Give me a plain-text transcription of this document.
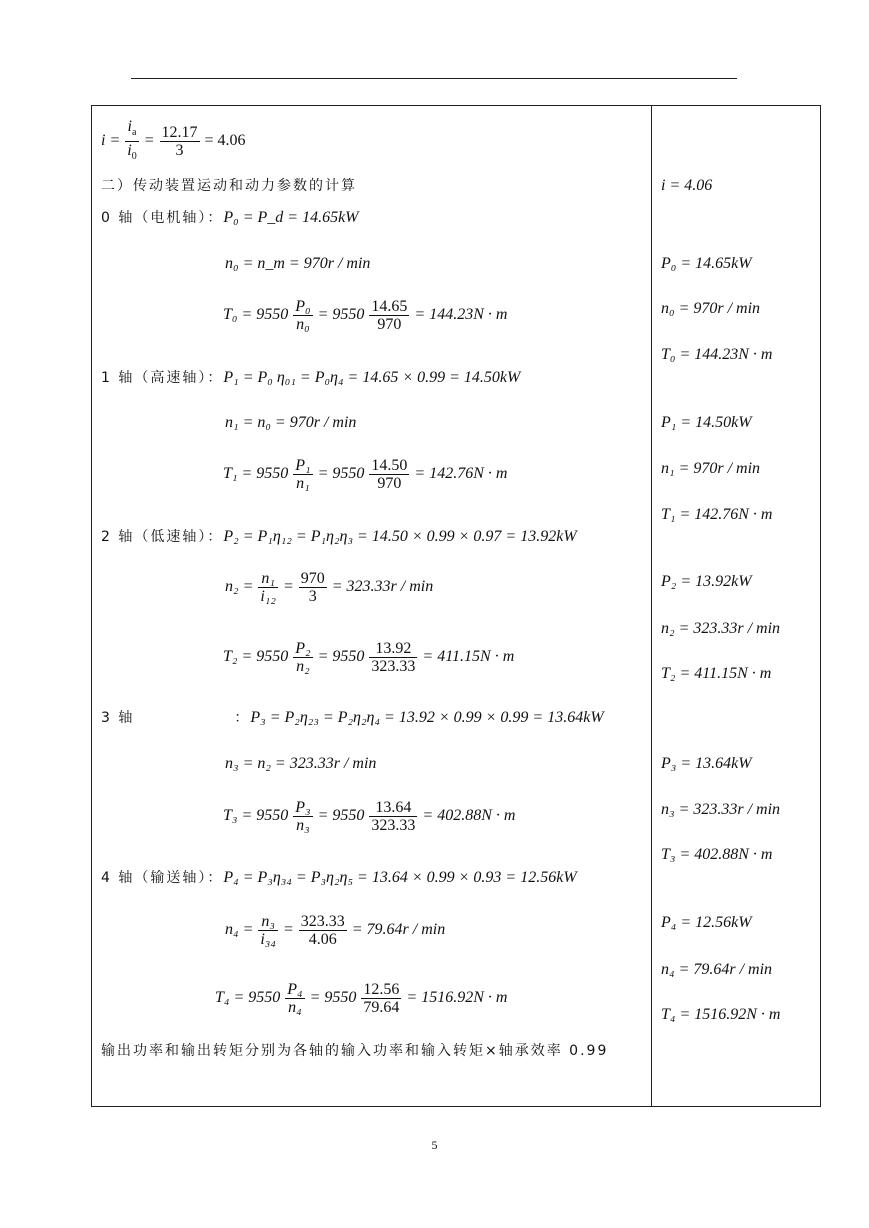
$i = \frac{i_a}{i_0} = \frac{12.17}{3} = 4.06$
二）传动装置运动和动力参数的计算
0 轴（电机轴）：P₀ = P_d = 14.65kW
n₀ = n_m = 970r / min
$T_0 = 9550 \frac{\text{P₀}}{\text{n₀}} = 9550 \frac{14.65}{970} = 144.23N \cdot m$
1 轴（高速轴）：P₁ = P₀ η₀₁ = P₀η₄ = 14.65 × 0.99 = 14.50kW
n₁ = n₀ = 970r / min
$T_1 = 9550 \frac{\text{P₁}}{\text{n₁}} = 9550 \frac{14.50}{970} = 142.76N \cdot m$
2 轴（低速轴）：P₂ = P₁η₁₂ = P₁η₂η₃ = 14.50 × 0.99 × 0.97 = 13.92kW
$n_2 = \frac{\text{n₁}}{\text{i₁₂}} = \frac{970}{3} = 323.33r / \min$
$T_2 = 9550 \frac{\text{P₂}}{\text{n₂}} = 9550 \frac{13.92}{323.33} = 411.15N \cdot m$
3 轴	：P₃ = P₂η₂₃ = P₂η₂η₄ = 13.92 × 0.99 × 0.99 = 13.64kW
n₃ = n₂ = 323.33r / min
$T_3 = 9550 \frac{\text{P₃}}{\text{n₃}} = 9550 \frac{13.64}{323.33} = 402.88N \cdot m$
4 轴（输送轴）：P₄ = P₃η₃₄ = P₃η₂η₅ = 13.64 × 0.99 × 0.93 = 12.56kW
$n_4 = \frac{\text{n₃}}{\text{i₃₄}} = \frac{323.33}{4.06} = 79.64r / \min$
$T_4 = 9550 \frac{\text{P₄}}{\text{n₄}} = 9550 \frac{12.56}{79.64} = 1516.92N \cdot m$
输出功率和输出转矩分别为各轴的输入功率和输入转矩×轴承效率 0.99
i = 4.06
P₀ = 14.65kW
n₀ = 970r / min
T₀ = 144.23N · m
P₁ = 14.50kW
n₁ = 970r / min
T₁ = 142.76N · m
P₂ = 13.92kW
n₂ = 323.33r / min
T₂ = 411.15N · m
P₃ = 13.64kW
n₃ = 323.33r / min
T₃ = 402.88N · m
P₄ = 12.56kW
n₄ = 79.64r / min
T₄ = 1516.92N · m
5
